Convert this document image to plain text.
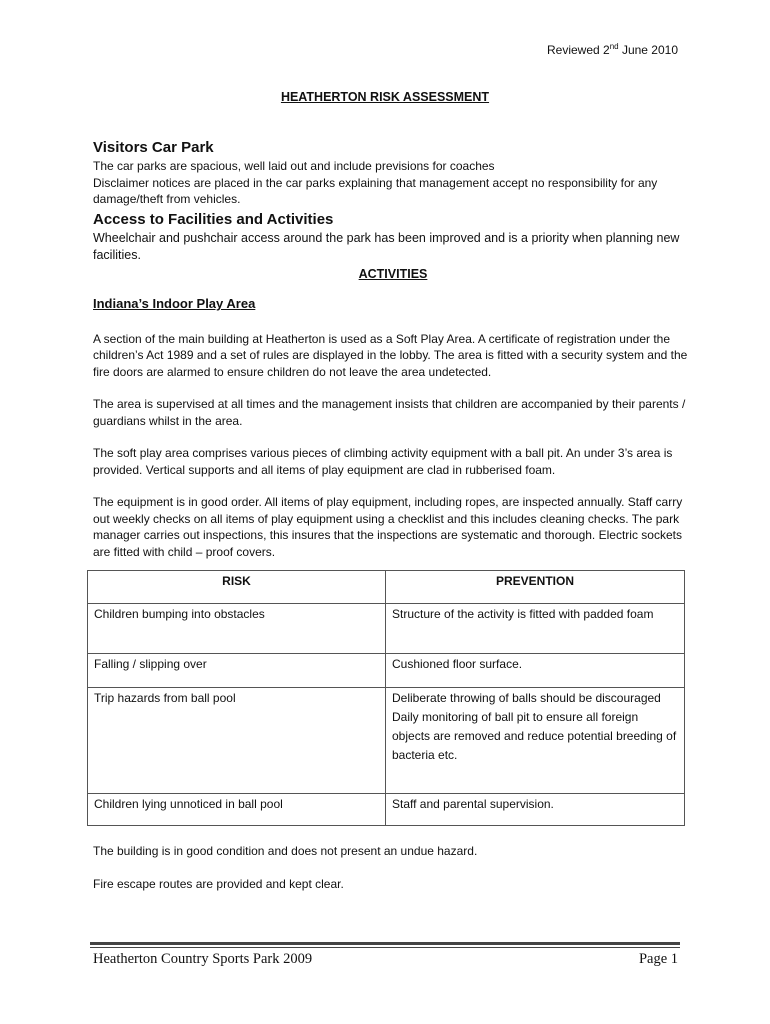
Reviewed 2nd June 2010
HEATHERTON RISK ASSESSMENT
Visitors Car Park

The car parks are spacious, well laid out and include previsions for coaches

Disclaimer notices are placed in the car parks explaining that management accept no responsibility for any damage/theft from vehicles.

Access to Facilities and Activities

Wheelchair and pushchair access around the park has been improved and is a priority when planning new facilities.

ACTIVITIES

Indiana’s Indoor Play Area

A section of the main building at Heatherton is used as a Soft Play Area. A certificate of registration under the children’s Act 1989 and a set of rules are displayed in the lobby. The area is fitted with a security system and the fire doors are alarmed to ensure children do not leave the area undetected.

The area is supervised at all times and the management insists that children are accompanied by their parents / guardians whilst in the area.

The soft play area comprises various pieces of climbing activity equipment with a ball pit. An under 3’s area is provided. Vertical supports and all items of play equipment are clad in rubberised foam.

The equipment is in good order. All items of play equipment, including ropes, are inspected annually. Staff carry out weekly checks on all items of play equipment using a checklist and this includes cleaning checks. The park manager carries out inspections, this insures that the inspections are systematic and thorough. Electric sockets are fitted with child – proof covers.

RISK	PREVENTION
Children bumping into obstacles	Structure of the activity is fitted with padded foam

Falling / slipping over	Cushioned floor surface.

Trip hazards from ball pool	Deliberate throwing of balls should be discouraged
Daily monitoring of ball pit to ensure all foreign objects are removed and reduce potential breeding of bacteria etc.

Children lying unnoticed in ball pool	Staff and parental supervision.

The building is in good condition and does not present an undue hazard.

Fire escape routes are provided and kept clear.

Heatherton Country Sports Park 2009	Page 1
